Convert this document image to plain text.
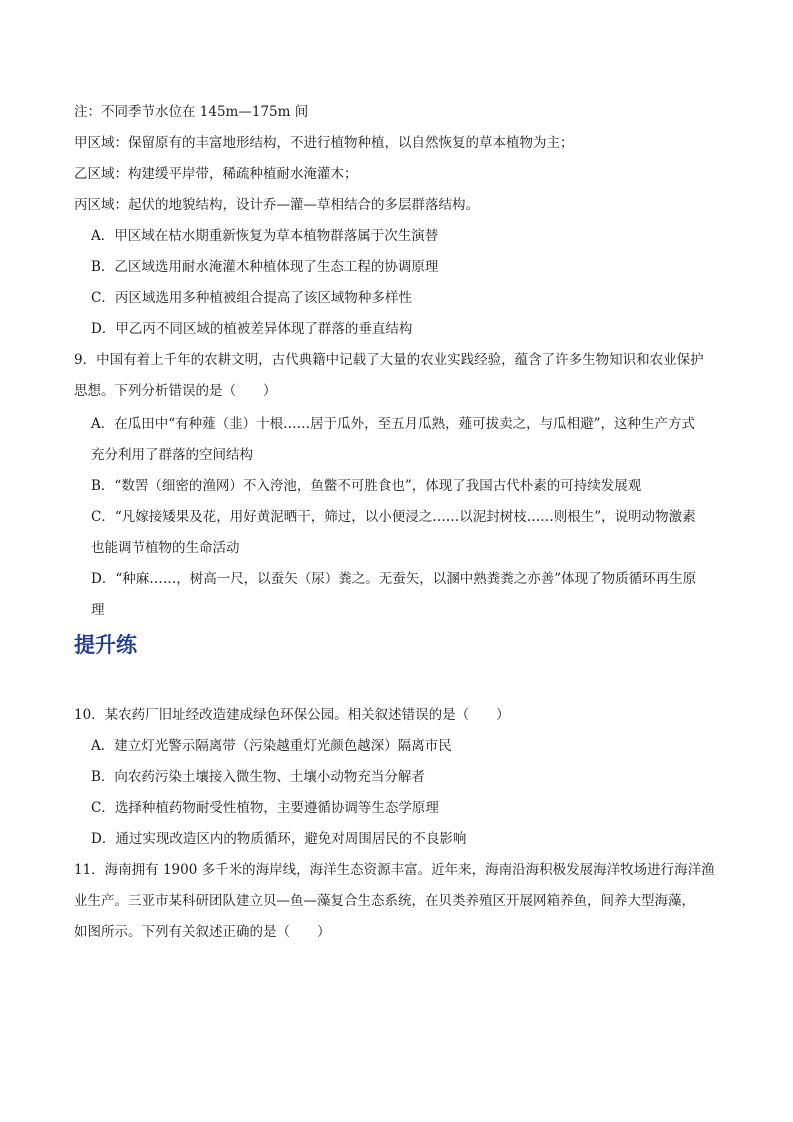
注：不同季节水位在 145m—175m 间
甲区域：保留原有的丰富地形结构，不进行植物种植，以自然恢复的草本植物为主；
乙区域：构建缓平岸带，稀疏种植耐水淹灌木；
丙区域：起伏的地貌结构，设计乔—灌—草相结合的多层群落结构。
A．甲区域在枯水期重新恢复为草本植物群落属于次生演替
B．乙区域选用耐水淹灌木种植体现了生态工程的协调原理
C．丙区域选用多种植被组合提高了该区域物种多样性
D．甲乙丙不同区域的植被差异体现了群落的垂直结构
9．中国有着上千年的农耕文明，古代典籍中记载了大量的农业实践经验，蕴含了许多生物知识和农业保护
思想。下列分析错误的是（　　）
A．在瓜田中“有种薤（韭）十根……居于瓜外，至五月瓜熟，薤可拔卖之，与瓜相避”，这种生产方式
充分利用了群落的空间结构
B．“数罟（细密的渔网）不入洿池，鱼鳖不可胜食也”，体现了我国古代朴素的可持续发展观
C．“凡嫁接矮果及花，用好黄泥晒干，筛过，以小便浸之……以泥封树枝……则根生”，说明动物激素
也能调节植物的生命活动
D．“种麻……，树高一尺，以蚕矢（尿）粪之。无蚕矢，以溷中熟粪粪之亦善”体现了物质循环再生原
理
提升练
10．某农药厂旧址经改造建成绿色环保公园。相关叙述错误的是（　　）
A．建立灯光警示隔离带（污染越重灯光颜色越深）隔离市民
B．向农药污染土壤接入微生物、土壤小动物充当分解者
C．选择种植药物耐受性植物，主要遵循协调等生态学原理
D．通过实现改造区内的物质循环，避免对周围居民的不良影响
11．海南拥有 1900 多千米的海岸线，海洋生态资源丰富。近年来，海南沿海积极发展海洋牧场进行海洋渔
业生产。三亚市某科研团队建立贝—鱼—藻复合生态系统，在贝类养殖区开展网箱养鱼，间养大型海藻，
如图所示。下列有关叙述正确的是（　　）
